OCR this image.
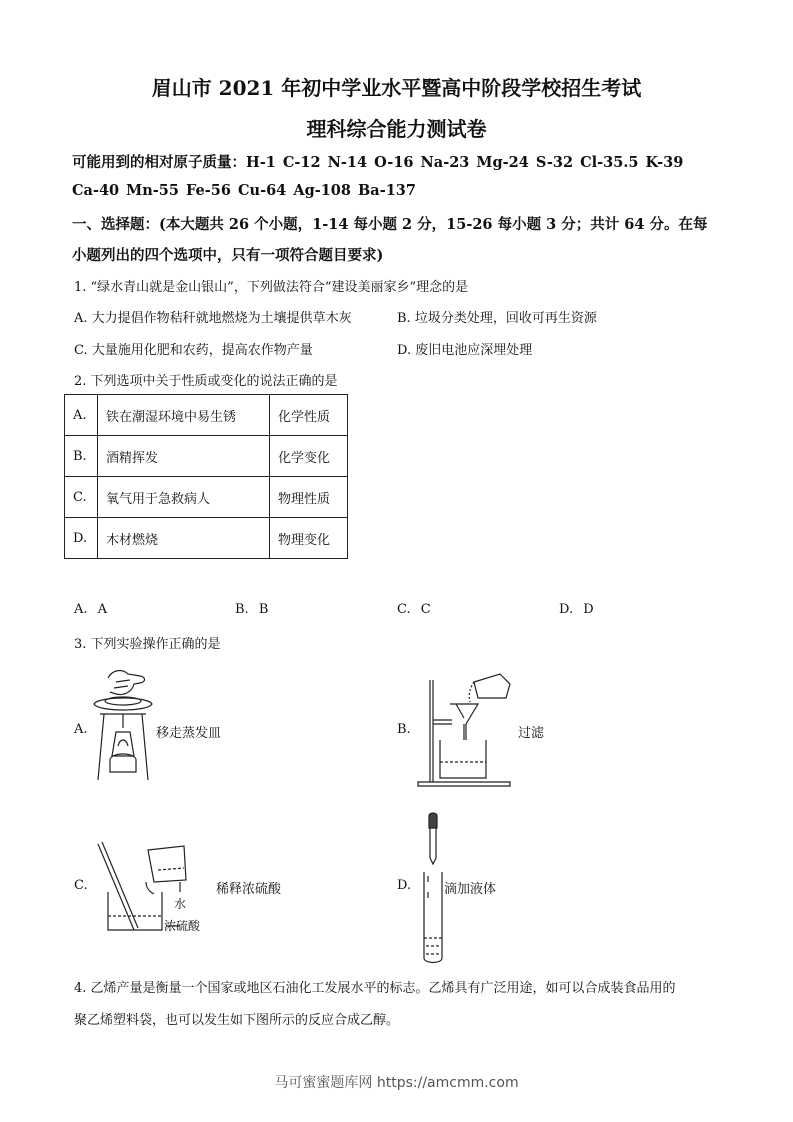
眉山市 2021 年初中学业水平暨高中阶段学校招生考试
理科综合能力测试卷
可能用到的相对原子质量：H-1 C-12 N-14 O-16 Na-23 Mg-24 S-32 Cl-35.5 K-39
Ca-40 Mn-55 Fe-56 Cu-64 Ag-108 Ba-137
一、选择题：(本大题共 26 个小题，1-14 每小题 2 分，15-26 每小题 3 分；共计 64 分。在每
小题列出的四个选项中，只有一项符合题目要求)
1. “绿水青山就是金山银山”，下列做法符合“建设美丽家乡”理念的是
A. 大力提倡作物秸秆就地燃烧为土壤提供草木灰	B. 垃圾分类处理，回收可再生资源
C. 大量施用化肥和农药，提高农作物产量	D. 废旧电池应深埋处理
2. 下列选项中关于性质或变化的说法正确的是
A.	铁在潮湿环境中易生锈	化学性质
B.	酒精挥发	化学变化
C.	氧气用于急救病人	物理性质
D.	木材燃烧	物理变化
A. A	B. B	C. C	D. D
3. 下列实验操作正确的是
A.	移走蒸发皿	B.	过滤
C.
水
浓硫酸
稀释浓硫酸	D.	滴加液体
4. 乙烯产量是衡量一个国家或地区石油化工发展水平的标志。乙烯具有广泛用途，如可以合成装食品用的
聚乙烯塑料袋，也可以发生如下图所示的反应合成乙醇。
马可蜜蜜题库网 https://amcmm.com
